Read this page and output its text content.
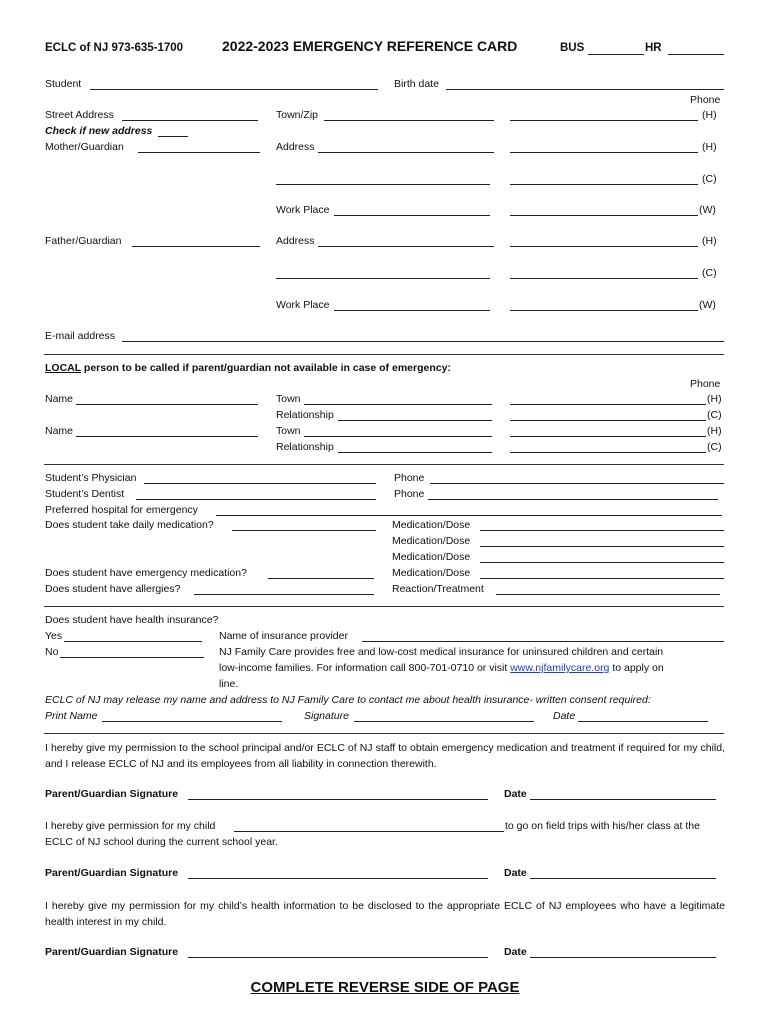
ECLC of NJ 973-635-1700	2022-2023 EMERGENCY REFERENCE CARD	BUS	HR
Student	Birth date
Phone
Street Address	Town/Zip	(H)
Check if new address
Mother/Guardian	Address	(H)
(C)
Work Place	(W)
Father/Guardian	Address	(H)
(C)
Work Place	(W)
E-mail address
LOCAL person to be called if parent/guardian not available in case of emergency:
Phone
Name	Town	(H)
Relationship	(C)
Name	Town	(H)
Relationship	(C)
Student’s Physician	Phone
Student’s Dentist	Phone
Preferred hospital for emergency
Does student take daily medication?	Medication/Dose
Medication/Dose
Medication/Dose
Does student have emergency medication?	Medication/Dose
Does student have allergies?	Reaction/Treatment
Does student have health insurance?
Yes	Name of insurance provider
No	NJ Family Care provides free and low-cost medical insurance for uninsured children and certain
low-income families. For information call 800-701-0710 or visit www.njfamilycare.org to apply on
line.
ECLC of NJ may release my name and address to NJ Family Care to contact me about health insurance- written consent required:
Print Name	Signature	Date
I hereby give my permission to the school principal and/or ECLC of NJ staff to obtain emergency medication and treatment if required for my child, and I release ECLC of NJ and its employees from all liability in connection therewith.
Parent/Guardian Signature	Date
I hereby give permission for my child	to go on field trips with his/her class at the
ECLC of NJ school during the current school year.
Parent/Guardian Signature	Date
I hereby give my permission for my child’s health information to be disclosed to the appropriate ECLC of NJ employees who have a legitimate health interest in my child.
Parent/Guardian Signature	Date
COMPLETE REVERSE SIDE OF PAGE
